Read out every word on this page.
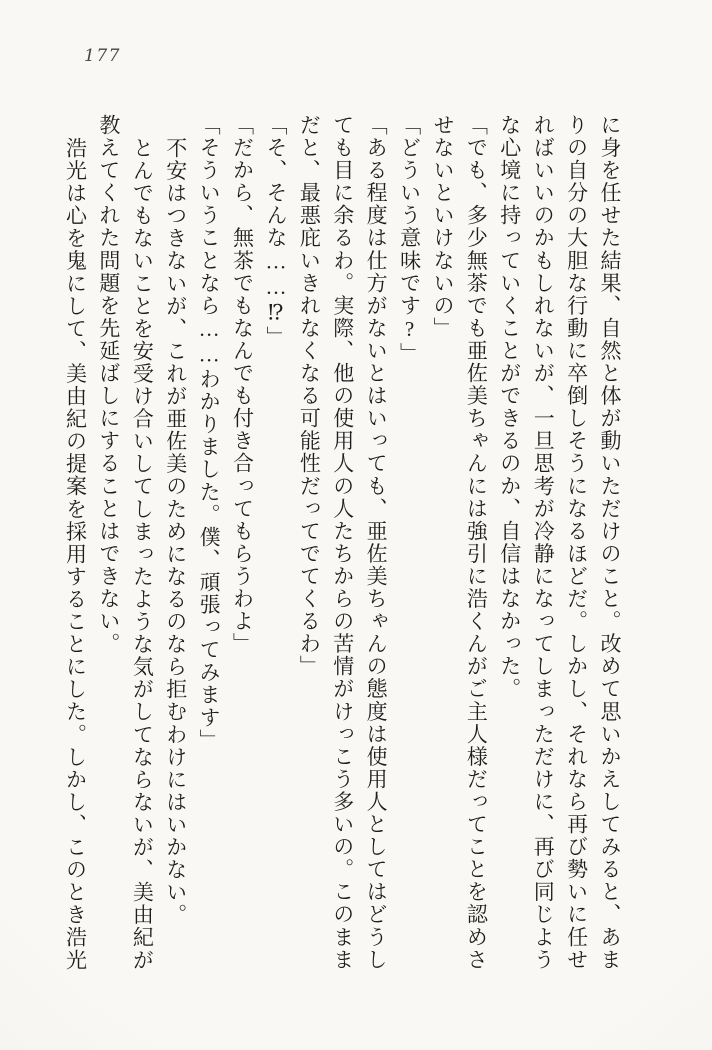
177

に身を任せた結果、自然と体が動いただけのこと。改めて思いかえしてみると、あま

りの自分の大胆な行動に卒倒しそうになるほどだ。しかし、それなら再び勢いに任せ

ればいいのかもしれないが、一旦思考が冷静になってしまっただけに、再び同じよう

な心境に持っていくことができるのか、自信はなかった。

「でも、多少無茶でも亜佐美ちゃんには強引に浩くんがご主人様だってことを認めさ

せないといけないの」

「どういう意味です?」

「ある程度は仕方がないとはいっても、亜佐美ちゃんの態度は使用人としてはどうし

ても目に余るわ。実際、他の使用人の人たちからの苦情がけっこう多いの。このまま

だと、最悪庇いきれなくなる可能性だってでてくるわ」

「そ、そんな……⁉」

「だから、無茶でもなんでも付き合ってもらうわよ」

「そういうことなら……わかりました。僕、頑張ってみます」

不安はつきないが、これが亜佐美のためになるのなら拒むわけにはいかない。

とんでもないことを安受け合いしてしまったような気がしてならないが、美由紀が

教えてくれた問題を先延ばしにすることはできない。

浩光は心を鬼にして、美由紀の提案を採用することにした。しかし、このとき浩光
